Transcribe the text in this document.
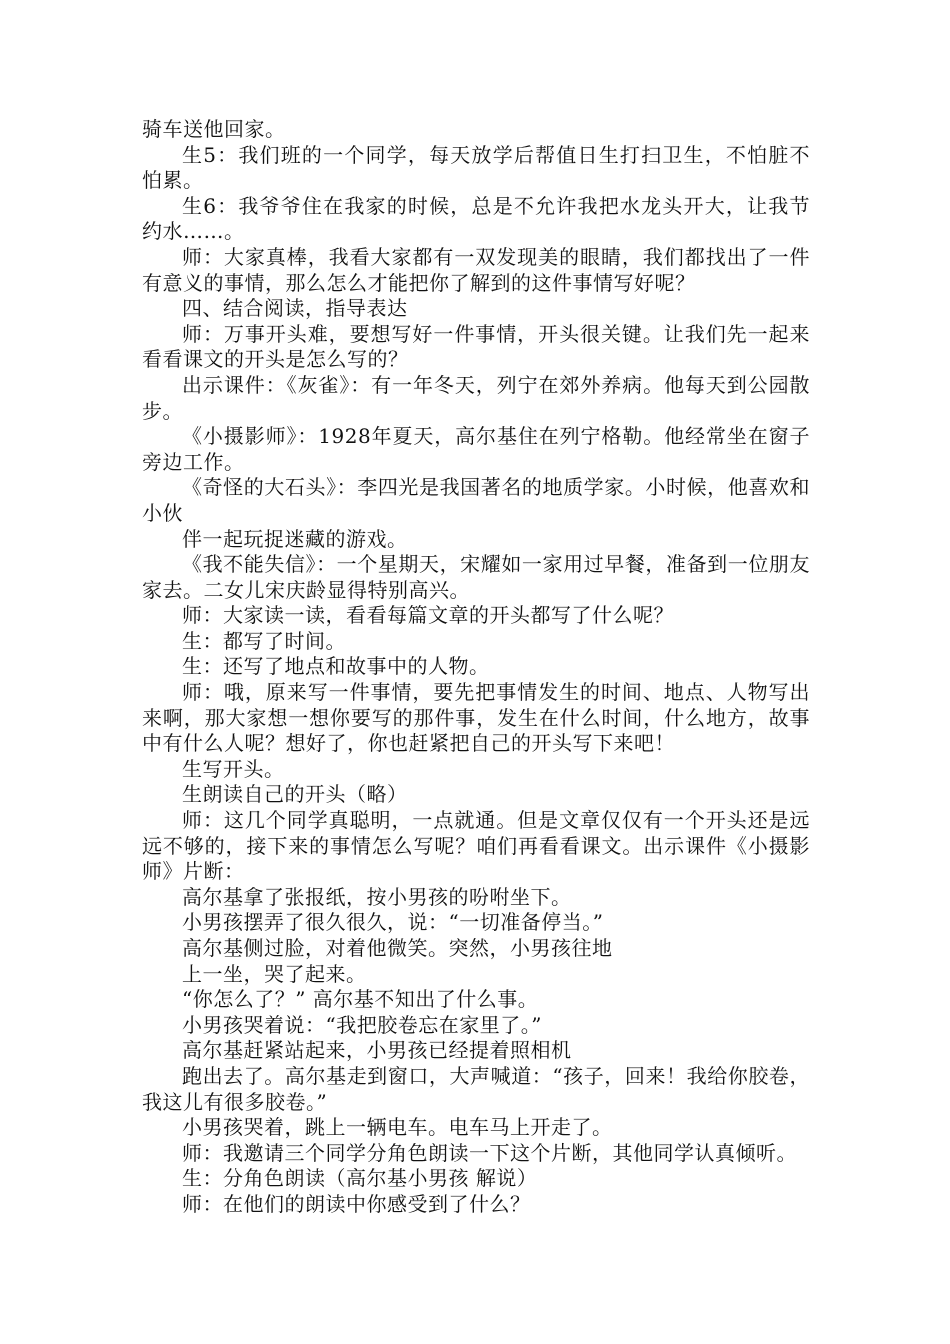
骑车送他回家。

生5：我们班的一个同学，每天放学后帮值日生打扫卫生，不怕脏不怕累。

生6：我爷爷住在我家的时候，总是不允许我把水龙头开大，让我节约水……。

师：大家真棒，我看大家都有一双发现美的眼睛，我们都找出了一件有意义的事情，那么怎么才能把你了解到的这件事情写好呢？

四、结合阅读，指导表达

师：万事开头难，要想写好一件事情，开头很关键。让我们先一起来看看课文的开头是怎么写的？

出示课件：《灰雀》：有一年冬天，列宁在郊外养病。他每天到公园散步。

《小摄影师》：1928年夏天，高尔基住在列宁格勒。他经常坐在窗子旁边工作。

《奇怪的大石头》：李四光是我国著名的地质学家。小时候，他喜欢和小伙

伴一起玩捉迷藏的游戏。

《我不能失信》：一个星期天，宋耀如一家用过早餐，准备到一位朋友家去。二女儿宋庆龄显得特别高兴。

师：大家读一读，看看每篇文章的开头都写了什么呢？

生：都写了时间。

生：还写了地点和故事中的人物。

师：哦，原来写一件事情，要先把事情发生的时间、地点、人物写出来啊，那大家想一想你要写的那件事，发生在什么时间，什么地方，故事中有什么人呢？想好了，你也赶紧把自己的开头写下来吧！

生写开头。

生朗读自己的开头（略）

师：这几个同学真聪明，一点就通。但是文章仅仅有一个开头还是远远不够的，接下来的事情怎么写呢？咱们再看看课文。出示课件《小摄影师》片断：

高尔基拿了张报纸，按小男孩的吩咐坐下。

小男孩摆弄了很久很久，说：“一切准备停当。”

高尔基侧过脸，对着他微笑。突然，小男孩往地

上一坐，哭了起来。

“你怎么了？” 高尔基不知出了什么事。

小男孩哭着说：“我把胶卷忘在家里了。”

高尔基赶紧站起来，小男孩已经提着照相机

跑出去了。高尔基走到窗口，大声喊道：“孩子，回来！我给你胶卷，我这儿有很多胶卷。”

小男孩哭着，跳上一辆电车。电车马上开走了。

师：我邀请三个同学分角色朗读一下这个片断，其他同学认真倾听。

生：分角色朗读（高尔基小男孩 解说）

师：在他们的朗读中你感受到了什么？
